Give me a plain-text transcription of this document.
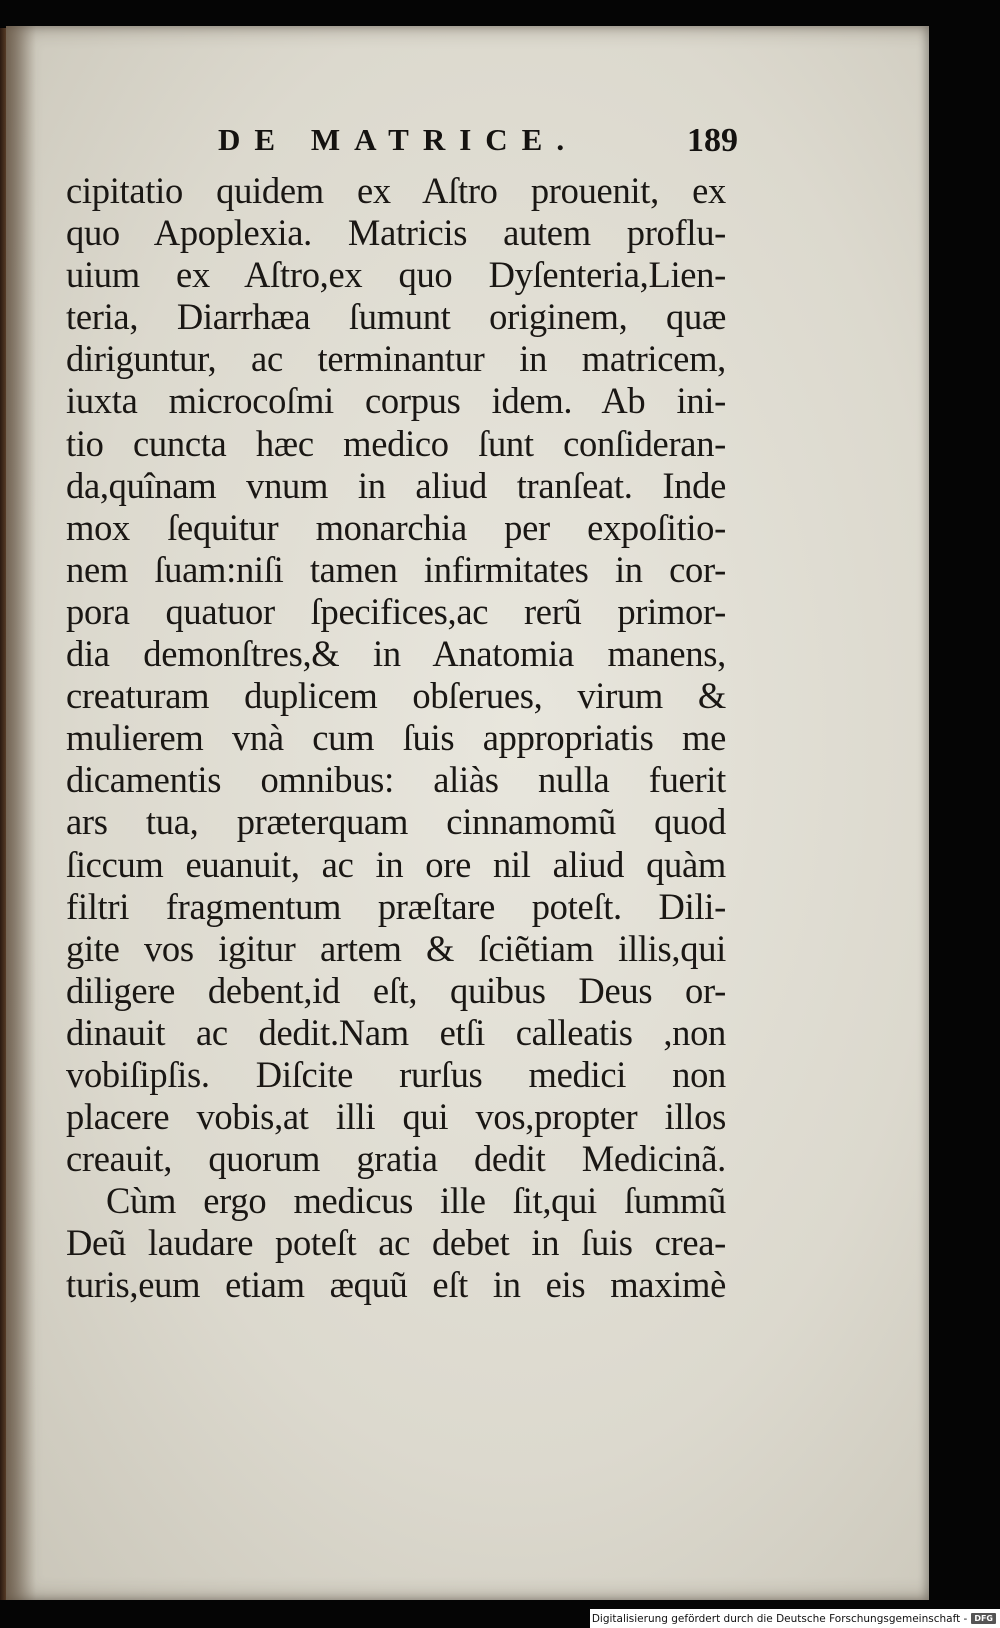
DE MATRICE.	189
cipitatio quidem ex Aſtro prouenit, ex
quo Apoplexia. Matricis autem proflu-
uium ex Aſtro,ex quo Dyſenteria,Lien-
teria, Diarrhæa ſumunt originem, quæ
diriguntur, ac terminantur in matricem,
iuxta microcoſmi corpus idem. Ab ini-
tio cuncta hæc medico ſunt conſideran-
da,quînam vnum in aliud tranſeat. Inde
mox ſequitur monarchia per expoſitio-
nem ſuam:niſi tamen infirmitates in cor-
pora quatuor ſpecifices,ac rerũ primor-
dia demonſtres,& in Anatomia manens,
creaturam duplicem obſerues, virum &
mulierem vnà cum ſuis appropriatis me
dicamentis omnibus: aliàs nulla fuerit
ars tua, præterquam cinnamomũ quod
ſiccum euanuit, ac in ore nil aliud quàm
filtri fragmentum præſtare poteſt. Dili-
gite vos igitur artem & ſciẽtiam illis,qui
diligere debent,id eſt, quibus Deus or-
dinauit ac dedit.Nam etſi calleatis ,non
vobiſipſis. Diſcite rurſus medici non
placere vobis,at illi qui vos,propter illos
creauit, quorum gratia dedit Medicinã.
Cùm ergo medicus ille ſit,qui ſummũ
Deũ laudare poteſt ac debet in ſuis crea-
turis,eum etiam æquũ eſt in eis maximè
Digitalisierung gefördert durch die Deutsche Forschungsgemeinschaft - DFG
